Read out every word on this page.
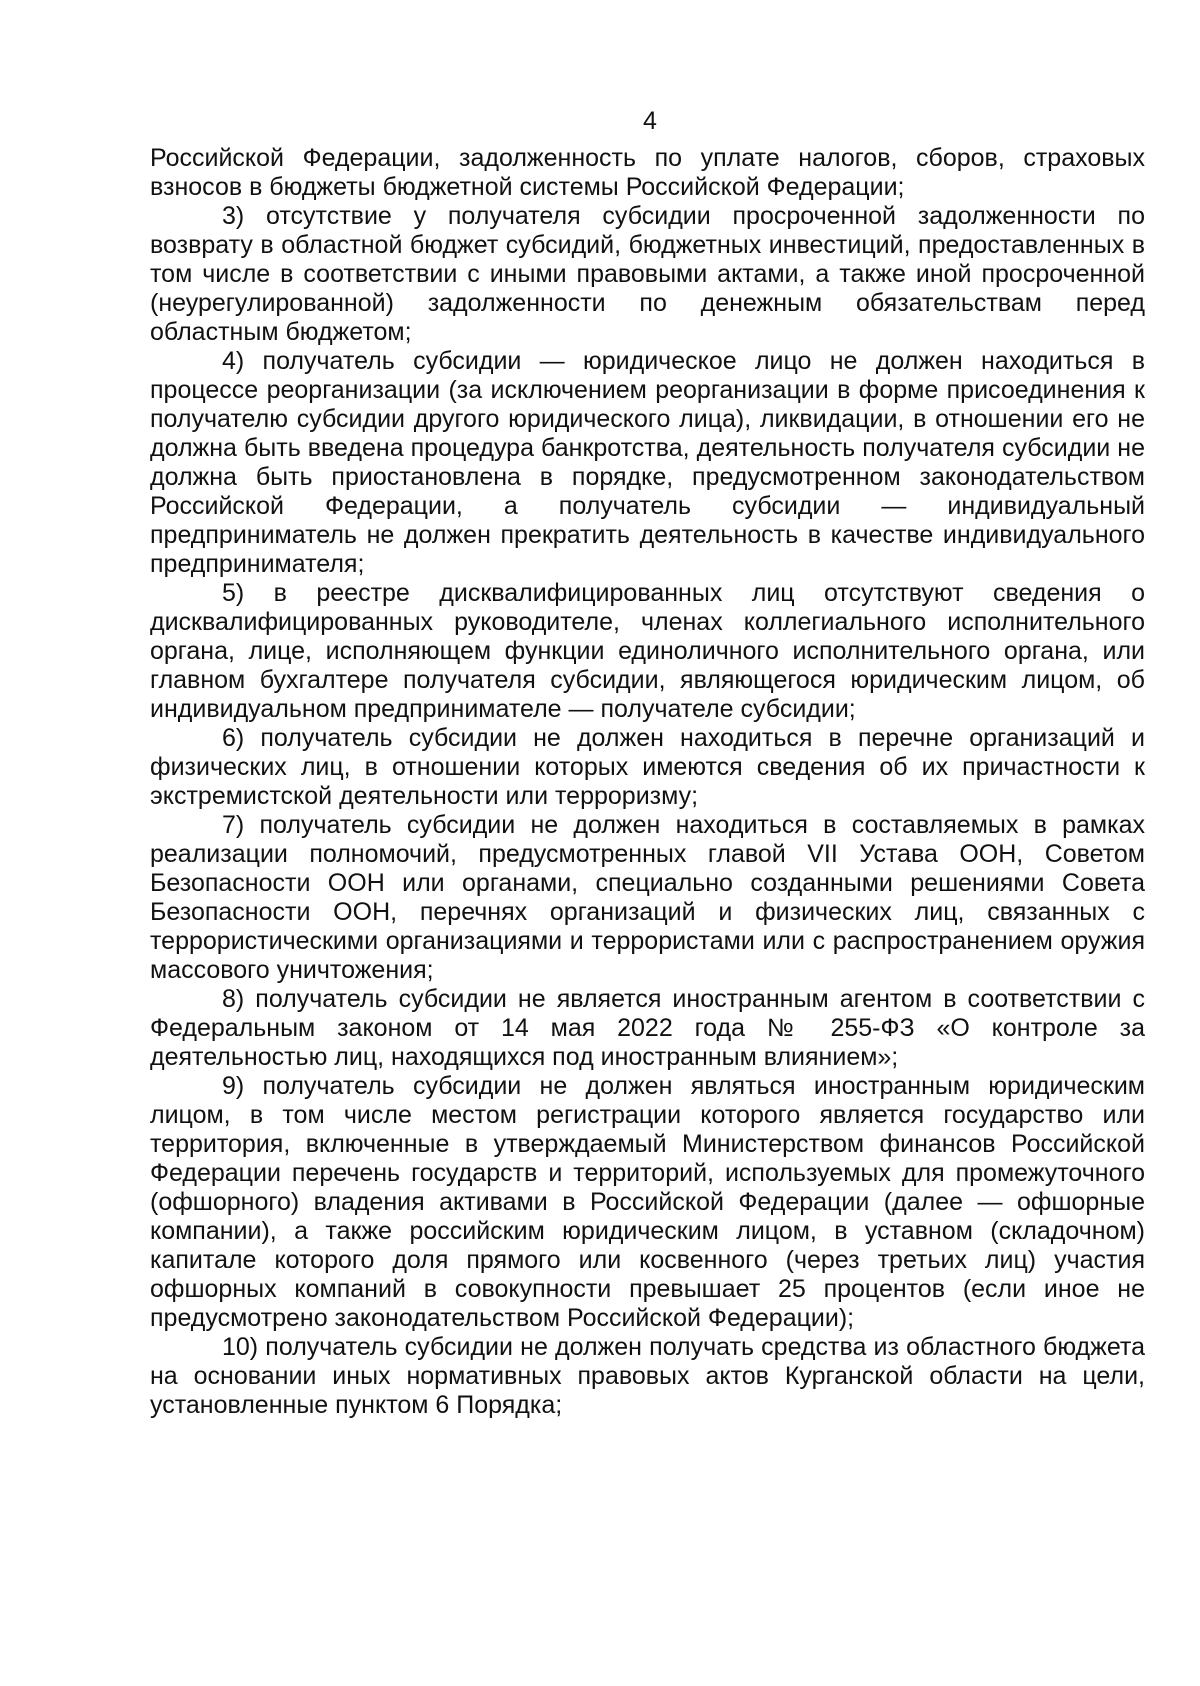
4

Российской Федерации, задолженность по уплате налогов, сборов, страховых взносов в бюджеты бюджетной системы Российской Федерации;

3) отсутствие у получателя субсидии просроченной задолженности по возврату в областной бюджет субсидий, бюджетных инвестиций, предоставленных в том числе в соответствии с иными правовыми актами, а также иной просроченной (неурегулированной) задолженности по денежным обязательствам перед областным бюджетом;

4) получатель субсидии — юридическое лицо не должен находиться в процессе реорганизации (за исключением реорганизации в форме присоединения к получателю субсидии другого юридического лица), ликвидации, в отношении его не должна быть введена процедура банкротства, деятельность получателя субсидии не должна быть приостановлена в порядке, предусмотренном законодательством Российской Федерации, а получатель субсидии — индивидуальный предприниматель не должен прекратить деятельность в качестве индивидуального предпринимателя;

5) в реестре дисквалифицированных лиц отсутствуют сведения о дисквалифицированных руководителе, членах коллегиального исполнительного органа, лице, исполняющем функции единоличного исполнительного органа, или главном бухгалтере получателя субсидии, являющегося юридическим лицом, об индивидуальном предпринимателе — получателе субсидии;

6) получатель субсидии не должен находиться в перечне организаций и физических лиц, в отношении которых имеются сведения об их причастности к экстремистской деятельности или терроризму;

7) получатель субсидии не должен находиться в составляемых в рамках реализации полномочий, предусмотренных главой VII Устава ООН, Советом Безопасности ООН или органами, специально созданными решениями Совета Безопасности ООН, перечнях организаций и физических лиц, связанных с террористическими организациями и террористами или с распространением оружия массового уничтожения;

8) получатель субсидии не является иностранным агентом в соответствии с Федеральным законом от 14 мая 2022 года № 255-ФЗ «О контроле за деятельностью лиц, находящихся под иностранным влиянием»;

9) получатель субсидии не должен являться иностранным юридическим лицом, в том числе местом регистрации которого является государство или территория, включенные в утверждаемый Министерством финансов Российской Федерации перечень государств и территорий, используемых для промежуточного (офшорного) владения активами в Российской Федерации (далее — офшорные компании), а также российским юридическим лицом, в уставном (складочном) капитале которого доля прямого или косвенного (через третьих лиц) участия офшорных компаний в совокупности превышает 25 процентов (если иное не предусмотрено законодательством Российской Федерации);

10) получатель субсидии не должен получать средства из областного бюджета на основании иных нормативных правовых актов Курганской области на цели, установленные пунктом 6 Порядка;
